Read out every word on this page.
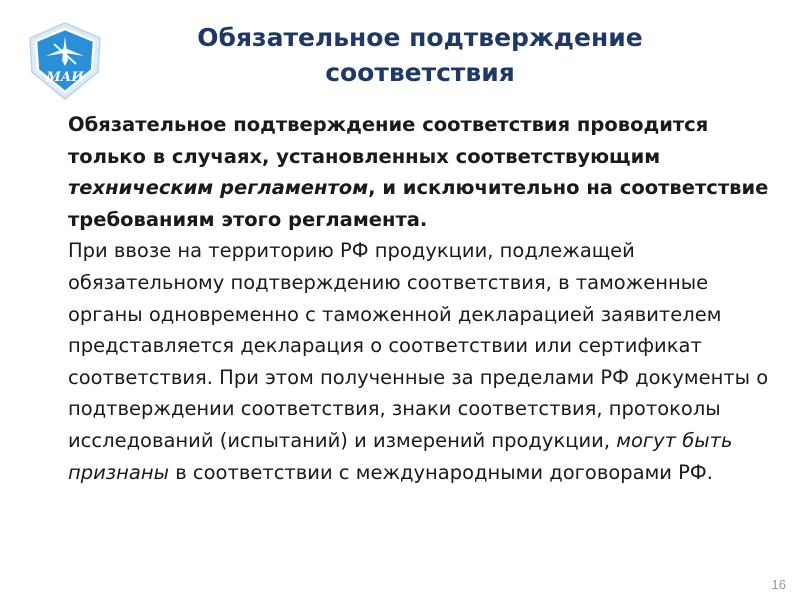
МАИ
Обязательное подтверждение
соответствия

Обязательное подтверждение соответствия проводится только в случаях, установленных соответствующим техническим регламентом, и исключительно на соответствие требованиям этого регламента.

При ввозе на территорию РФ продукции, подлежащей обязательному подтверждению соответствия, в таможенные органы одновременно с таможенной декларацией заявителем представляется декларация о соответствии или сертификат соответствия. При этом полученные за пределами РФ документы о подтверждении соответствия, знаки соответствия, протоколы исследований (испытаний) и измерений продукции, могут быть признаны в соответствии с международными договорами РФ.

16
